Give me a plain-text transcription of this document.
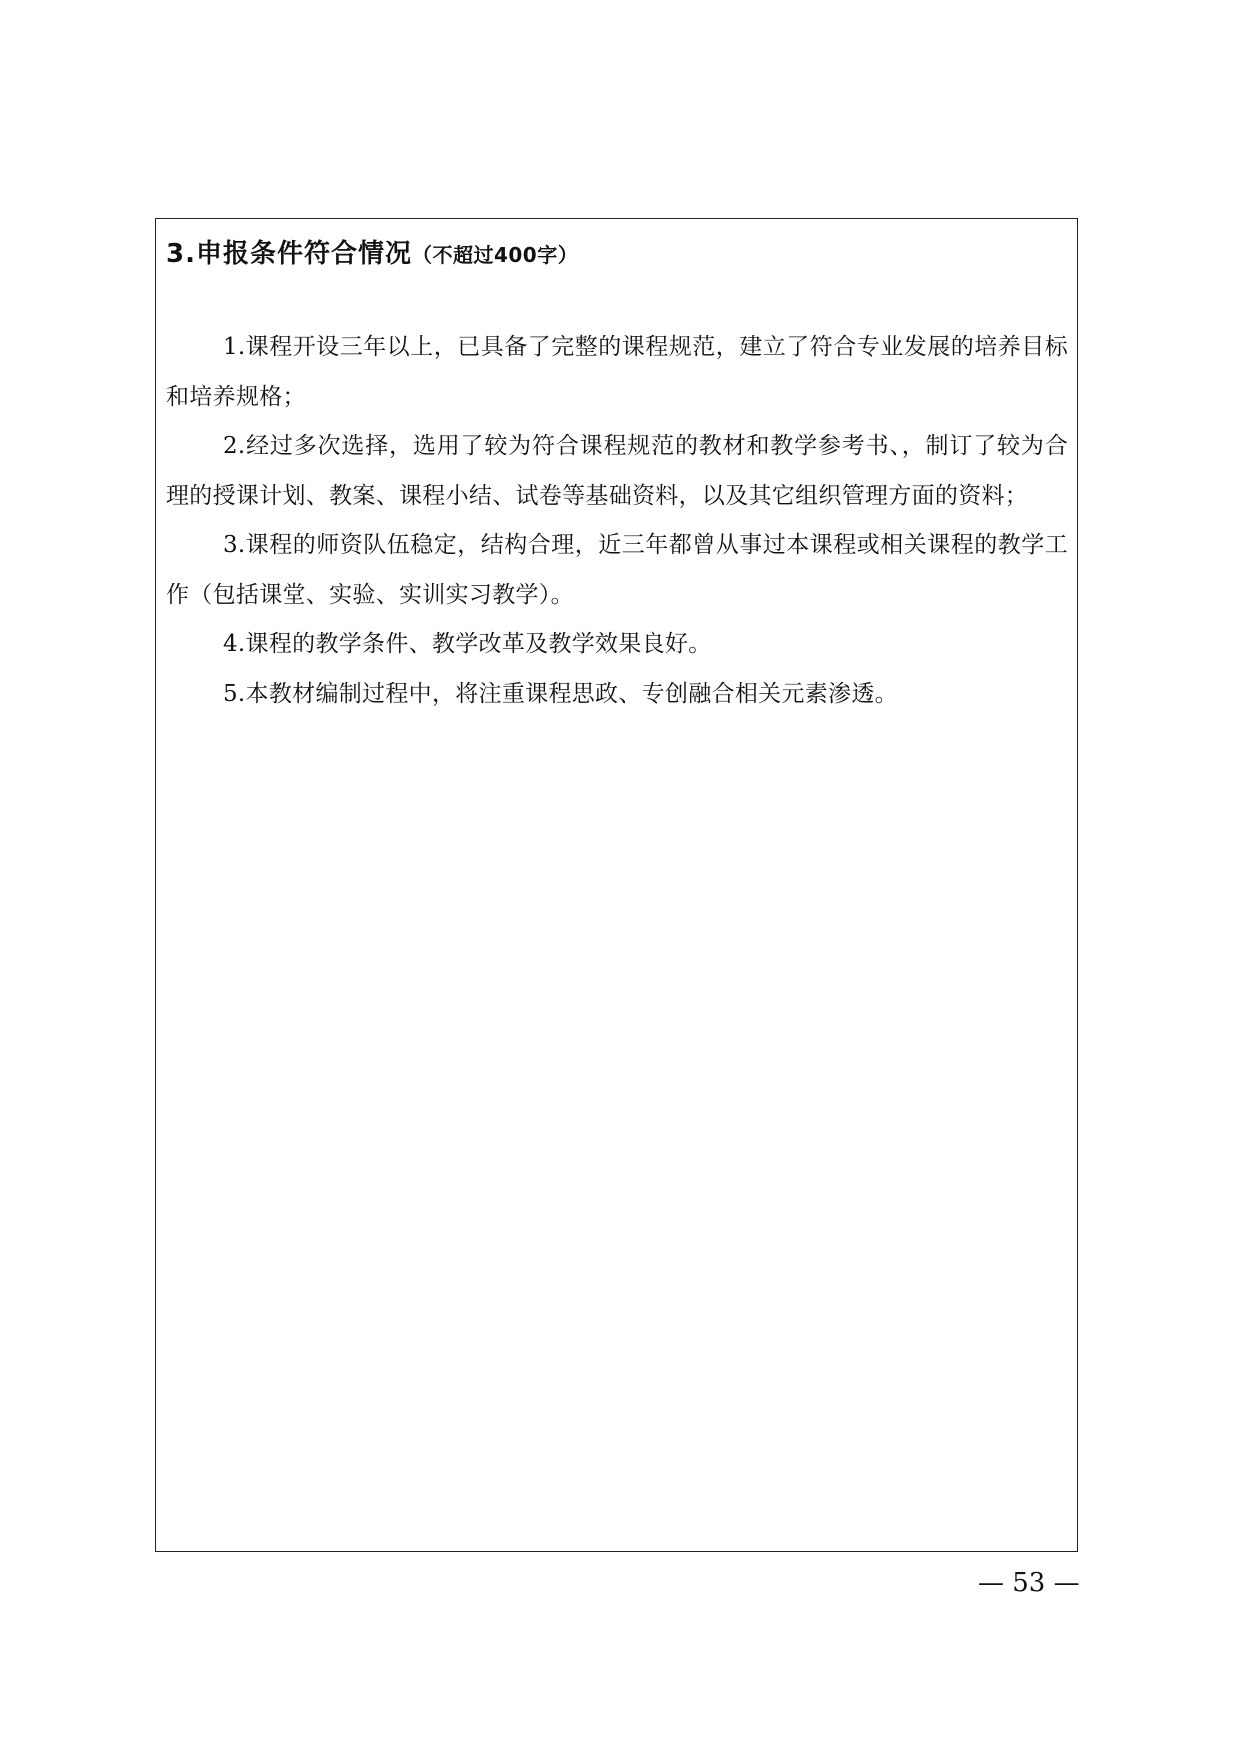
3.申报条件符合情况（不超过400字）

1.课程开设三年以上，已具备了完整的课程规范，建立了符合专业发展的培养目标和培养规格；

2.经过多次选择，选用了较为符合课程规范的教材和教学参考书、，制订了较为合理的授课计划、教案、课程小结、试卷等基础资料，以及其它组织管理方面的资料；

3.课程的师资队伍稳定，结构合理，近三年都曾从事过本课程或相关课程的教学工作（包括课堂、实验、实训实习教学）。

4.课程的教学条件、教学改革及教学效果良好。

5.本教材编制过程中，将注重课程思政、专创融合相关元素渗透。

— 53 —
